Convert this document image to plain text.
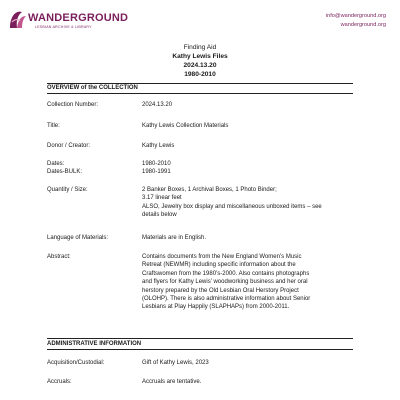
WANDERGROUND
LESBIAN ARCHIVE & LIBRARY
info@wanderground.org
wanderground.org
Finding Aid
Kathy Lewis Files
2024.13.20
1980-2010
OVERVIEW of the COLLECTION
Collection Number:	2024.13.20
Title:	Kathy Lewis Collection Materials
Donor / Creator:	Kathy Lewis
Dates:	1980-2010
Dates-BULK:	1980-1991
Quantity / Size:	2 Banker Boxes, 1 Archival Boxes, 1 Photo Binder;
3.17 linear feet
ALSO, Jewelry box display and miscellaneous unboxed items – see
details below
Language of Materials:	Materials are in English.
Abstract:	Contains documents from the New England Women’s Music
Retreat (NEWMR) including specific information about the
Craftswomen from the 1980’s-2000. Also contains photographs
and flyers for Kathy Lewis’ woodworking business and her oral
herstory prepared by the Old Lesbian Oral Herstory Project
(OLOHP). There is also administrative information about Senior
Lesbians at Play Happily (SLAPHAPs) from 2000-2011.
ADMINISTRATIVE INFORMATION
Acquisition/Custodial:	Gift of Kathy Lewis, 2023
Accruals:	Accruals are tentative.
